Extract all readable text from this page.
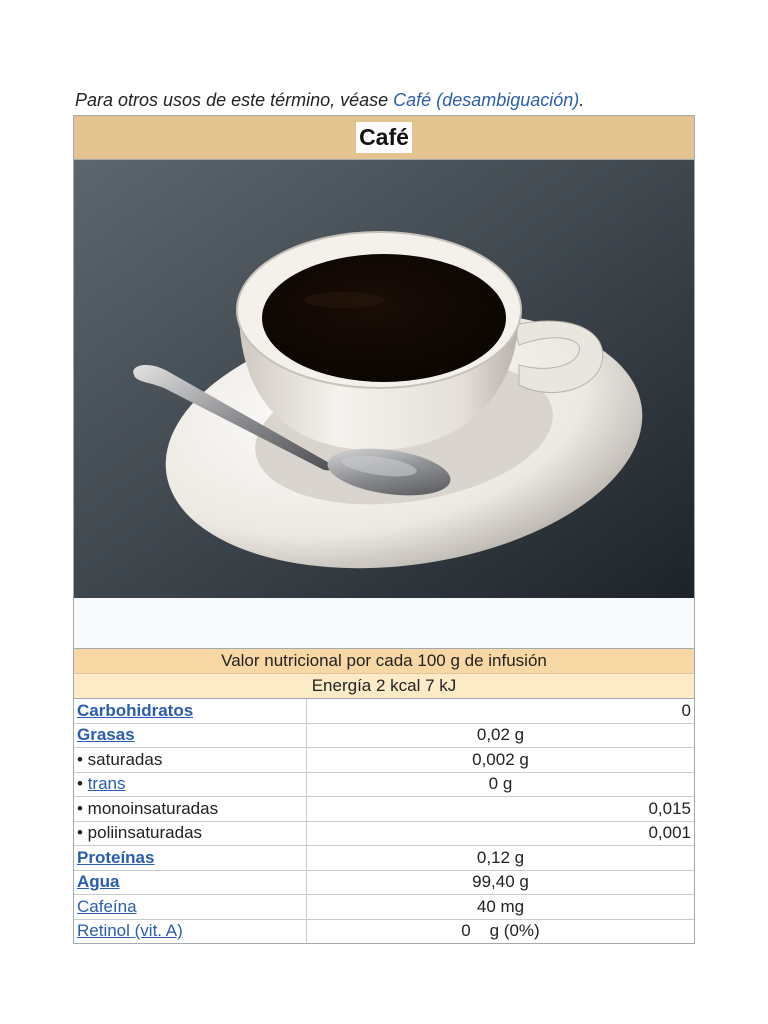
Para otros usos de este término, véase Café (desambiguación).
Café
Valor nutricional por cada 100 g de infusión
Energía 2 kcal 7 kJ
Carbohidratos	0
Grasas	0,02 g
• saturadas	0,002 g
• trans	0 g
• monoinsaturadas	0,015
• poliinsaturadas	0,001
Proteínas	0,12 g
Agua	99,40 g
Cafeína	40 mg
Retinol (vit. A)	0    g (0%)
